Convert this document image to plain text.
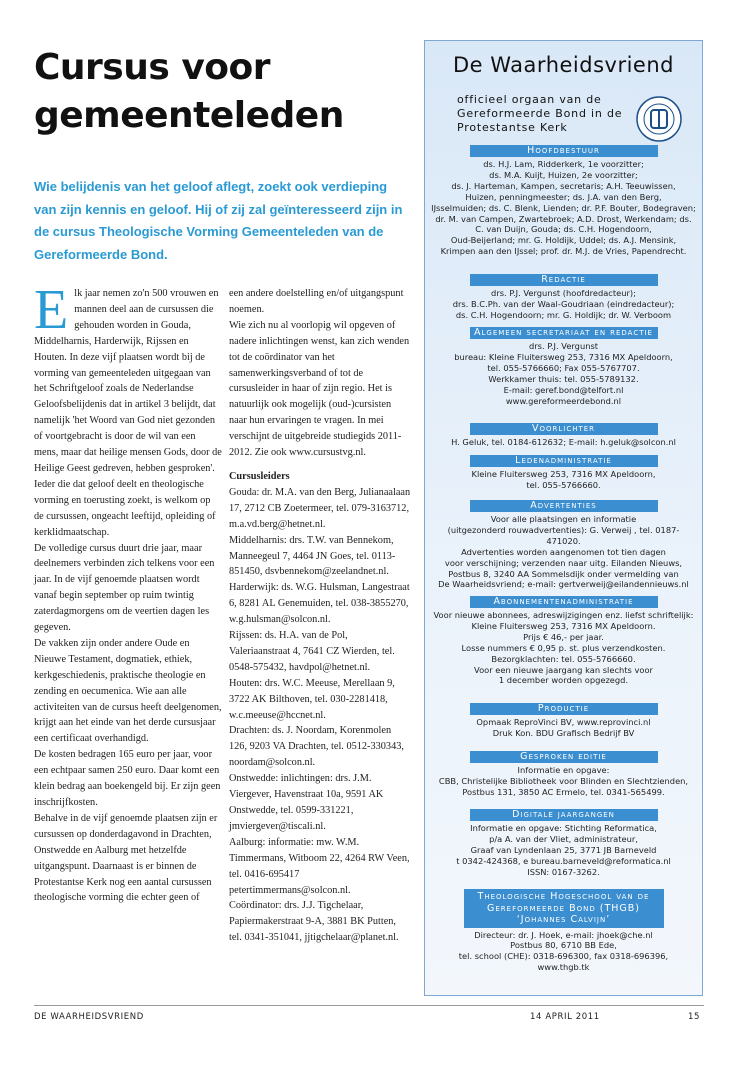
Cursus voor gemeenteleden

Wie belijdenis van het geloof aflegt, zoekt ook verdieping van zijn kennis en geloof. Hij of zij zal geïnteresseerd zijn in de cursus Theologische Vorming Gemeenteleden van de Gereformeerde Bond.

Elk jaar nemen zo'n 500 vrouwen en mannen deel aan de cursussen die gehouden worden in Gouda, Middelharnis, Harderwijk, Rijssen en Houten. In deze vijf plaatsen wordt bij de vorming van gemeenteleden uitgegaan van het Schriftgeloof zoals de Nederlandse Geloofsbelijdenis dat in artikel 3 belijdt, dat namelijk 'het Woord van God niet gezonden of voortgebracht is door de wil van een mens, maar dat heilige mensen Gods, door de Heilige Geest gedreven, hebben gesproken'. Ieder die dat geloof deelt en theologische vorming en toerusting zoekt, is welkom op de cursussen, ongeacht leeftijd, opleiding of kerklidmaatschap.

De volledige cursus duurt drie jaar, maar deelnemers verbinden zich telkens voor een jaar. In de vijf genoemde plaatsen wordt vanaf begin september op ruim twintig zaterdagmorgens om de veertien dagen les gegeven.

De vakken zijn onder andere Oude en Nieuwe Testament, dogmatiek, ethiek, kerkgeschiedenis, praktische theologie en zending en oecumenica. Wie aan alle activiteiten van de cursus heeft deelgenomen, krijgt aan het einde van het derde cursusjaar een certificaat overhandigd.

De kosten bedragen 165 euro per jaar, voor een echtpaar samen 250 euro. Daar komt een klein bedrag aan boekengeld bij. Er zijn geen inschrijfkosten.

Behalve in de vijf genoemde plaatsen zijn er cursussen op donderdagavond in Drachten, Onstwedde en Aalburg met hetzelfde uitgangspunt. Daarnaast is er binnen de Protestantse Kerk nog een aantal cursussen theologische vorming die echter geen of

een andere doelstelling en/of uitgangspunt noemen.

Wie zich nu al voorlopig wil opgeven of nadere inlichtingen wenst, kan zich wenden tot de coördinator van het samenwerkingsverband of tot de cursusleider in haar of zijn regio. Het is natuurlijk ook mogelijk (oud-)cursisten naar hun ervaringen te vragen. In mei verschijnt de uitgebreide studiegids 2011-2012. Zie ook www.cursustvg.nl.

Cursusleiders

Gouda: dr. M.A. van den Berg, Julianaalaan 17, 2712 CB Zoetermeer, tel. 079-3163712, m.a.vd.berg@hetnet.nl.

Middelharnis: drs. T.W. van Bennekom, Manneegeul 7, 4464 JN Goes, tel. 0113-851450, dsvbennekom@zeelandnet.nl.

Harderwijk: ds. W.G. Hulsman, Langestraat 6, 8281 AL Genemuiden, tel. 038-3855270, w.g.hulsman@solcon.nl.

Rijssen: ds. H.A. van de Pol, Valeriaanstraat 4, 7641 CZ Wierden, tel. 0548-575432, havdpol@hetnet.nl.

Houten: drs. W.C. Meeuse, Merellaan 9, 3722 AK Bilthoven, tel. 030-2281418, w.c.meeuse@hccnet.nl.

Drachten: ds. J. Noordam, Korenmolen 126, 9203 VA Drachten, tel. 0512-330343, noordam@solcon.nl.

Onstwedde: inlichtingen: drs. J.M. Viergever, Havenstraat 10a, 9591 AK Onstwedde, tel. 0599-331221, jmviergever@tiscali.nl.

Aalburg: informatie: mw. W.M. Timmermans, Witboom 22, 4264 RW Veen, tel. 0416-695417 petertimmermans@solcon.nl.

Coördinator: drs. J.J. Tigchelaar, Papiermakerstraat 9-A, 3881 BK Putten, tel. 0341-351041, jjtigchelaar@planet.nl.

De Waarheidsvriend
officieel orgaan van de Gereformeerde Bond in de Protestantse Kerk
Hoofdbestuur
ds. H.J. Lam, Ridderkerk, 1e voorzitter;
ds. M.A. Kuijt, Huizen, 2e voorzitter;
ds. J. Harteman, Kampen, secretaris; A.H. Teeuwissen,
Huizen, penningmeester; ds. J.A. van den Berg,
IJsselmuiden; ds. C. Blenk, Lienden; dr. P.F. Bouter, Bodegraven; dr. M. van Campen, Zwartebroek; A.D. Drost, Werkendam; ds. C. van Duijn, Gouda; ds. C.H. Hogendoorn,
Oud-Beijerland; mr. G. Holdijk, Uddel; ds. A.J. Mensink,
Krimpen aan den IJssel; prof. dr. M.J. de Vries, Papendrecht.
Redactie
drs. P.J. Vergunst (hoofdredacteur);
drs. B.C.Ph. van der Waal-Goudriaan (eindredacteur);
ds. C.H. Hogendoorn; mr. G. Holdijk; dr. W. Verboom
Algemeen secretariaat en redactie
drs. P.J. Vergunst
bureau: Kleine Fluitersweg 253, 7316 MX Apeldoorn,
tel. 055-5766660; Fax 055-5767707.
Werkkamer thuis: tel. 055-5789132.
E-mail: geref.bond@telfort.nl
www.gereformeerdebond.nl
Voorlichter
H. Geluk, tel. 0184-612632; E-mail: h.geluk@solcon.nl
Ledenadministratie
Kleine Fluitersweg 253, 7316 MX Apeldoorn,
tel. 055-5766660.
Advertenties
Voor alle plaatsingen en informatie
(uitgezonderd rouwadvertenties): G. Verweij , tel. 0187-471020.
Advertenties worden aangenomen tot tien dagen
voor verschijning; verzenden naar uitg. Eilanden Nieuws,
Postbus 8, 3240 AA Sommelsdijk onder vermelding van
De Waarheidsvriend; e-mail: gertverweij@eilandennieuws.nl
Abonnementenadministratie
Voor nieuwe abonnees, adreswijzigingen enz. liefst schriftelijk: Kleine Fluitersweg 253, 7316 MX Apeldoorn.
Prijs € 46,- per jaar.
Losse nummers € 0,95 p. st. plus verzendkosten.
Bezorgklachten: tel. 055-5766660.
Voor een nieuwe jaargang kan slechts voor
1 december worden opgezegd.
Productie
Opmaak ReproVinci BV, www.reprovinci.nl
Druk Kon. BDU Grafisch Bedrijf BV
Gesproken editie
Informatie en opgave:
CBB, Christelijke Bibliotheek voor Blinden en Slechtzienden,
Postbus 131, 3850 AC Ermelo, tel. 0341-565499.
Digitale jaargangen
Informatie en opgave: Stichting Reformatica,
p/a A. van der Vliet, administrateur,
Graaf van Lyndenlaan 25, 3771 JB Barneveld
t 0342-424368, e bureau.barneveld@reformatica.nl
ISSN: 0167-3262.
Theologische Hogeschool van de Gereformeerde Bond (THGB) ‘Johannes Calvijn’
Directeur: dr. J. Hoek, e-mail: jhoek@che.nl
Postbus 80, 6710 BB Ede,
tel. school (CHE): 0318-696300, fax 0318-696396,
www.thgb.tk
DE WAARHEIDSVRIEND	14 APRIL 2011	15
